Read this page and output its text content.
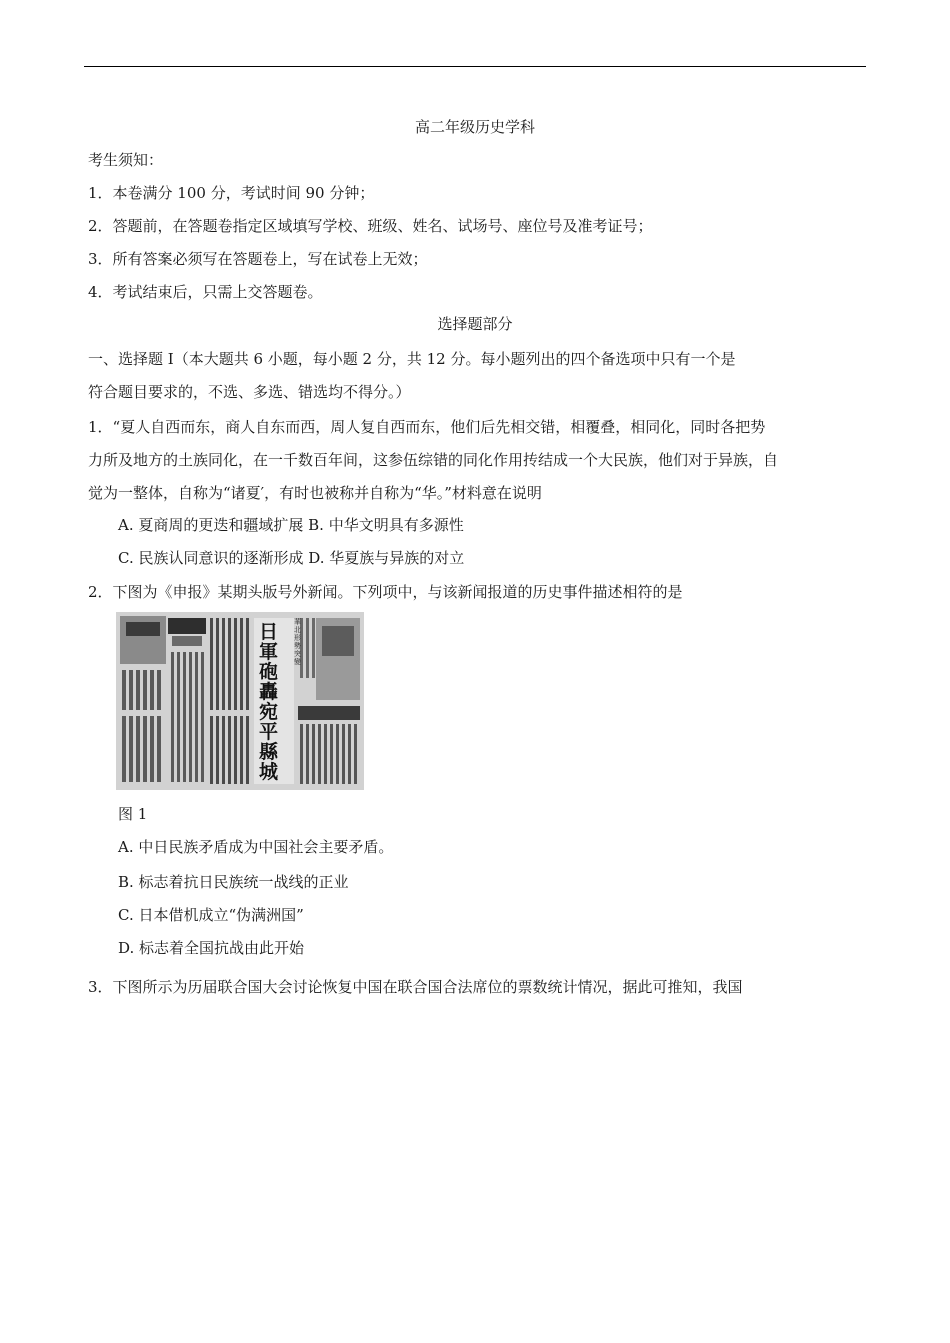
高二年级历史学科
考生须知：
1．本卷满分 100 分，考试时间 90 分钟；
2．答题前，在答题卷指定区域填写学校、班级、姓名、试场号、座位号及准考证号；
3．所有答案必须写在答题卷上，写在试卷上无效；
4．考试结束后，只需上交答题卷。
选择题部分
一、选择题 I（本大题共 6 小题，每小题 2 分，共 12 分。每小题列出的四个备选项中只有一个是
符合题目要求的，不选、多选、错选均不得分。）
1．“夏人自西而东，商人自东而西，周人复自西而东，他们后先相交错，相覆叠，相同化，同时各把势
力所及地方的土族同化，在一千数百年间，这参伍综错的同化作用抟结成一个大民族，他们对于异族，自
觉为一整体，自称为“诸夏′，有时也被称并自称为“华。”材料意在说明
A. 夏商周的更迭和疆域扩展 B. 中华文明具有多源性
C. 民族认同意识的逐渐形成 D. 华夏族与异族的对立
2．下图为《申报》某期头版号外新闻。下列项中，与该新闻报道的历史事件描述相符的是
華北形勢突變
日軍砲轟宛平縣城
图 1
A. 中日民族矛盾成为中国社会主要矛盾。
B. 标志着抗日民族统一战线的正业
C. 日本借机成立“伪满洲国”
D. 标志着全国抗战由此开始
3．下图所示为历届联合国大会讨论恢复中国在联合国合法席位的票数统计情况，据此可推知，我国
